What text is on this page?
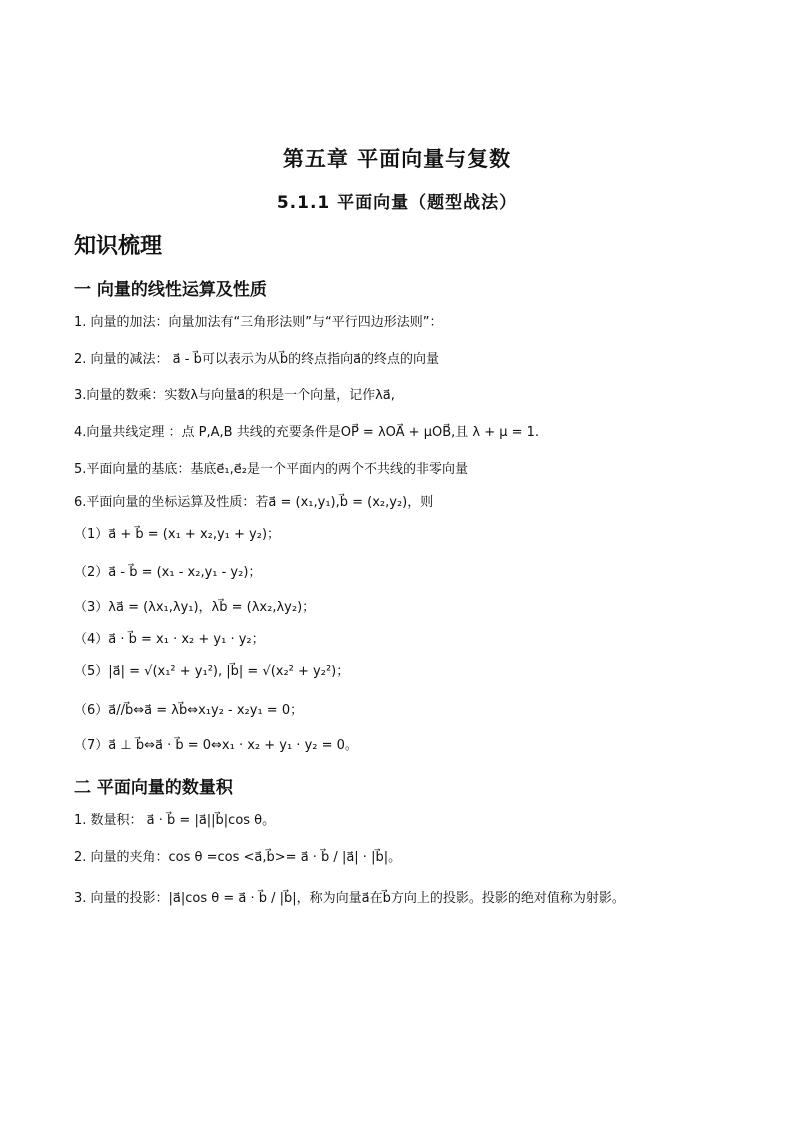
第五章 平面向量与复数
5.1.1 平面向量（题型战法）
知识梳理
一 向量的线性运算及性质
1. 向量的加法：向量加法有“三角形法则”与“平行四边形法则”：
2. 向量的减法： a⃗ - b⃗可以表示为从b⃗的终点指向a⃗的终点的向量
3.向量的数乘：实数λ与向量a⃗的积是一个向量，记作λa⃗,
4.向量共线定理 ：点 P,A,B 共线的充要条件是OP⃗ = λOA⃗ + μOB⃗,且 λ + μ = 1.
5.平面向量的基底：基底e⃗₁,e⃗₂是一个平面内的两个不共线的非零向量
6.平面向量的坐标运算及性质：若a⃗ = (x₁,y₁),b⃗ = (x₂,y₂)，则
（1）a⃗ + b⃗ = (x₁ + x₂,y₁ + y₂)；
（2）a⃗ - b⃗ = (x₁ - x₂,y₁ - y₂)；
（3）λa⃗ = (λx₁,λy₁)，λb⃗ = (λx₂,λy₂)；
（4）a⃗ · b⃗ = x₁ · x₂ + y₁ · y₂；
（5）|a⃗| = √(x₁² + y₁²), |b⃗| = √(x₂² + y₂²)；
（6）a⃗//b⃗⇔a⃗ = λb⃗⇔x₁y₂ - x₂y₁ = 0；
（7）a⃗ ⊥ b⃗⇔a⃗ · b⃗ = 0⇔x₁ · x₂ + y₁ · y₂ = 0。
二 平面向量的数量积
1. 数量积： a⃗ · b⃗ = |a⃗||b⃗|cos θ。
2. 向量的夹角：cos θ =cos <a⃗,b⃗>= a⃗ · b⃗ / |a⃗| · |b⃗|。
3. 向量的投影：|a⃗|cos θ = a⃗ · b⃗ / |b⃗|，称为向量a⃗在b⃗方向上的投影。投影的绝对值称为射影。
